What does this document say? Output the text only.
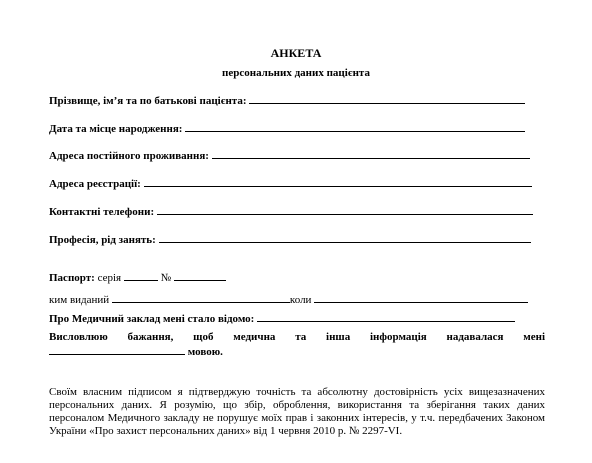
АНКЕТА
персональних даних пацієнта
Прізвище, ім’я та по батькові пацієнта:
Дата та місце народження:
Адреса постійного проживання:
Адреса реєстрації:
Контактні телефони:
Професія, рід занять:
Паспорт: серія	№
ким виданий	коли
Про Медичний заклад мені стало відомо:
Висловлюю бажання, щоб медична та інша інформація надавалася мені
мовою.
Своїм власним підписом я підтверджую точність та абсолютну достовірність усіх вищезазначених персональних даних. Я розумію, що збір, оброблення, використання та зберігання таких даних персоналом Медичного закладу не порушує моїх прав і законних інтересів, у т.ч. передбачених Законом України «Про захист персональних даних» від 1 червня 2010 р. № 2297-VI.
